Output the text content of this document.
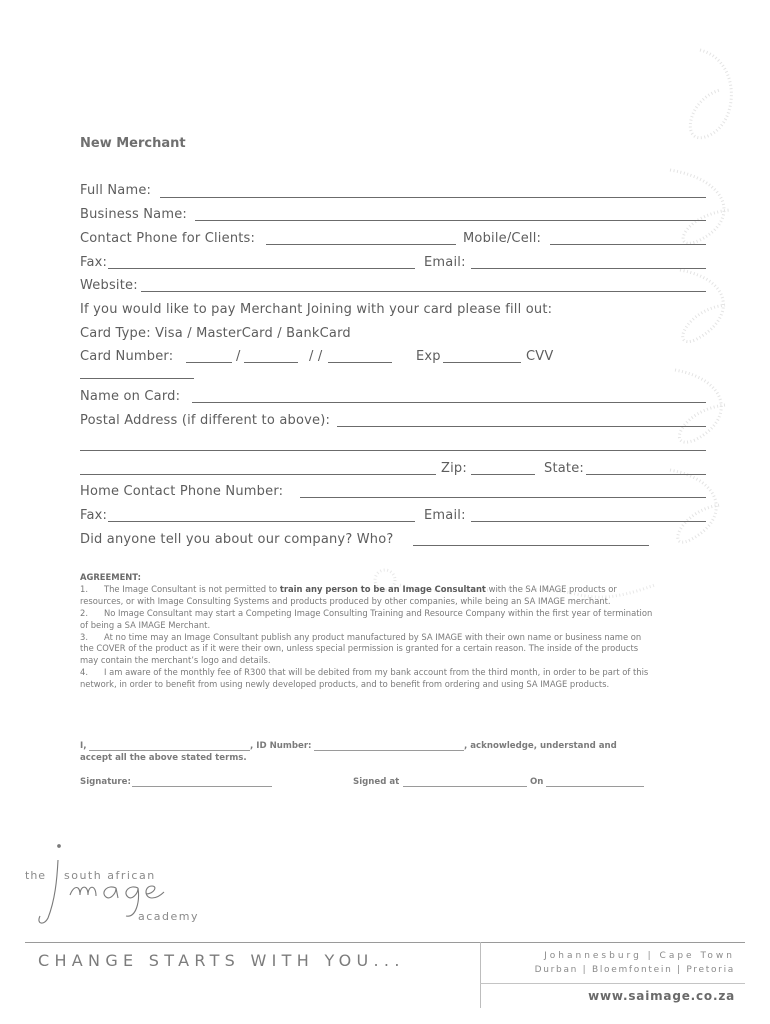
New Merchant
Full Name:
Business Name:
Contact Phone for Clients:	Mobile/Cell:
Fax:	Email:
Website:
If you would like to pay Merchant Joining with your card please fill out:
Card Type: Visa / MasterCard / BankCard
Card Number:	/	/ /	Exp	CVV
Name on Card:
Postal Address (if different to above):
Zip:	State:
Home Contact Phone Number:
Fax:	Email:
Did anyone tell you about our company? Who?
AGREEMENT:
1. The Image Consultant is not permitted to train any person to be an Image Consultant with the SA IMAGE products or resources, or with Image Consulting Systems and products produced by other companies, while being an SA IMAGE merchant.
2. No Image Consultant may start a Competing Image Consulting Training and Resource Company within the first year of termination of being a SA IMAGE Merchant.
3. At no time may an Image Consultant publish any product manufactured by SA IMAGE with their own name or business name on the COVER of the product as if it were their own, unless special permission is granted for a certain reason. The inside of the products may contain the merchant’s logo and details.
4. I am aware of the monthly fee of R300 that will be debited from my bank account from the third month, in order to be part of this network, in order to benefit from using newly developed products, and to benefit from ordering and using SA IMAGE products.
I,	, ID Number:	, acknowledge, understand and
accept all the above stated terms.
Signature:	Signed at	On
the south african
academy
CHANGE STARTS WITH YOU...	Johannesburg | Cape Town
Durban | Bloemfontein | Pretoria
www.saimage.co.za
